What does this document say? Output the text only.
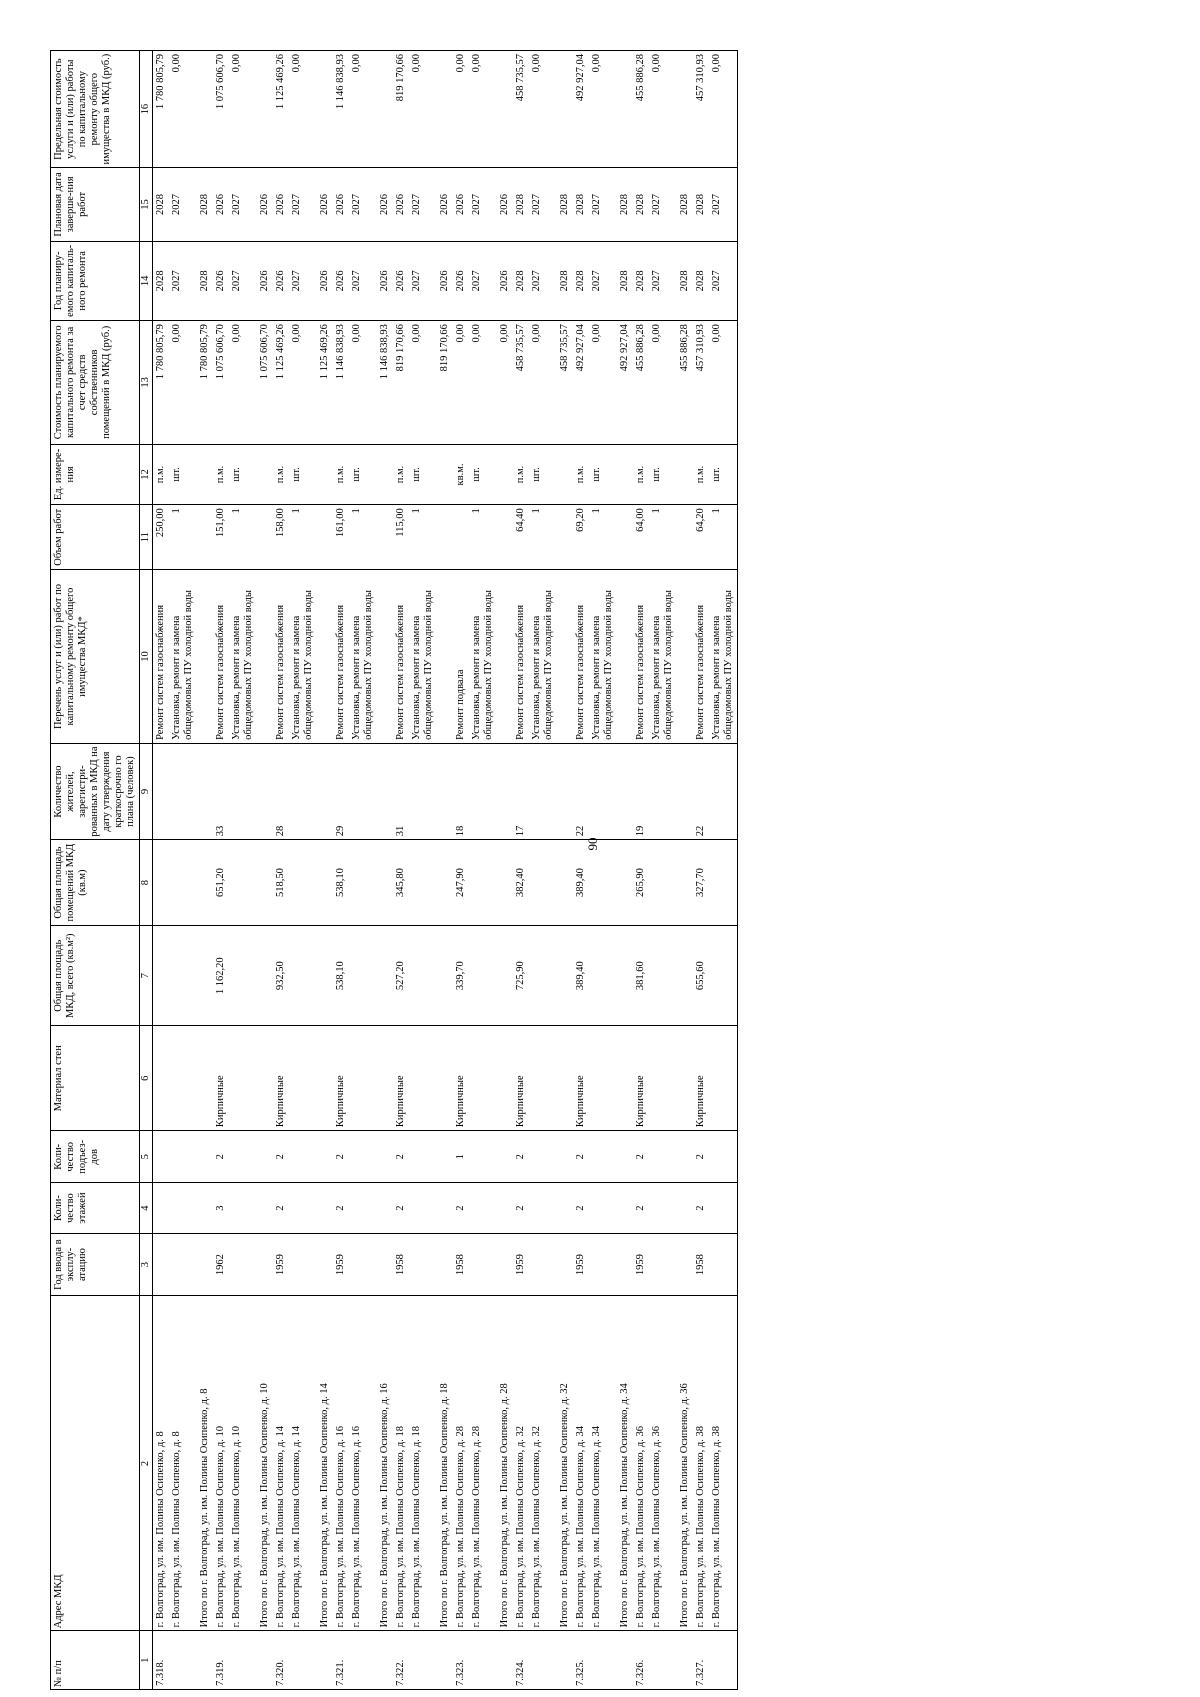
90
№ п/п	Адрес МКД	Год ввода в эксплу-атацию	Коли-чество этажей	Коли-чество подъез-дов	Материал стен	Общая площадь МКД, всего (кв.м²)	Общая площадь помещений МКД (кв.м)	Количество жителей, зарегистри-рованных в МКД на дату утверждения краткосрочно го плана (человек)	Перечень услуг и (или) работ по капитальному ремонту общего имущества МКД*	Объем работ	Ед. измере-ния	Стоимость планируемого капитального ремонта за счет средств собственников помещений в МКД (руб.)	Год планиру-емого капиталь-ного ремонта	Плановая дата заверше-ния работ	Предельная стоимость услуги и (или) работы по капитальному ремонту общего имущества в МКД (руб.)
1	2	3	4	5	6	7	8	9	10	11	12	13	14	15	16
7.318.	г. Волгоград, ул. им. Полины Осипенко, д. 8								Ремонт систем газоснабжения	250,00	п.м.	1 780 805,79	2028	2028	1 780 805,79
	г. Волгоград, ул. им. Полины Осипенко, д. 8								Установка, ремонт и замена общедомовых ПУ холодной воды	1	шт.	0,00	2027	2027	0,00
	Итого по г. Волгоград, ул. им. Полины Осипенко, д. 8											1 780 805,79	2028	2028	
7.319.	г. Волгоград, ул. им. Полины Осипенко, д. 10	1962	3	2	Кирпичные	1 162,20	651,20	33	Ремонт систем газоснабжения	151,00	п.м.	1 075 606,70	2026	2026	1 075 606,70
	г. Волгоград, ул. им. Полины Осипенко, д. 10								Установка, ремонт и замена общедомовых ПУ холодной воды	1	шт.	0,00	2027	2027	0,00
	Итого по г. Волгоград, ул. им. Полины Осипенко, д. 10											1 075 606,70	2026	2026	
7.320.	г. Волгоград, ул. им. Полины Осипенко, д. 14	1959	2	2	Кирпичные	932,50	518,50	28	Ремонт систем газоснабжения	158,00	п.м.	1 125 469,26	2026	2026	1 125 469,26
	г. Волгоград, ул. им. Полины Осипенко, д. 14								Установка, ремонт и замена общедомовых ПУ холодной воды	1	шт.	0,00	2027	2027	0,00
	Итого по г. Волгоград, ул. им. Полины Осипенко, д. 14											1 125 469,26	2026	2026	
7.321.	г. Волгоград, ул. им. Полины Осипенко, д. 16	1959	2	2	Кирпичные	538,10	538,10	29	Ремонт систем газоснабжения	161,00	п.м.	1 146 838,93	2026	2026	1 146 838,93
	г. Волгоград, ул. им. Полины Осипенко, д. 16								Установка, ремонт и замена общедомовых ПУ холодной воды	1	шт.	0,00	2027	2027	0,00
	Итого по г. Волгоград, ул. им. Полины Осипенко, д. 16											1 146 838,93	2026	2026	
7.322.	г. Волгоград, ул. им. Полины Осипенко, д. 18	1958	2	2	Кирпичные	527,20	345,80	31	Ремонт систем газоснабжения	115,00	п.м.	819 170,66	2026	2026	819 170,66
	г. Волгоград, ул. им. Полины Осипенко, д. 18								Установка, ремонт и замена общедомовых ПУ холодной воды	1	шт.	0,00	2027	2027	0,00
	Итого по г. Волгоград, ул. им. Полины Осипенко, д. 18											819 170,66	2026	2026	
7.323.	г. Волгоград, ул. им. Полины Осипенко, д. 28	1958	2	1	Кирпичные	339,70	247,90	18	Ремонт подвала		кв.м.	0,00	2026	2026	0,00
	г. Волгоград, ул. им. Полины Осипенко, д. 28								Установка, ремонт и замена общедомовых ПУ холодной воды	1	шт.	0,00	2027	2027	0,00
	Итого по г. Волгоград, ул. им. Полины Осипенко, д. 28											0,00	2026	2026	
7.324.	г. Волгоград, ул. им. Полины Осипенко, д. 32	1959	2	2	Кирпичные	725,90	382,40	17	Ремонт систем газоснабжения	64,40	п.м.	458 735,57	2028	2028	458 735,57
	г. Волгоград, ул. им. Полины Осипенко, д. 32								Установка, ремонт и замена общедомовых ПУ холодной воды	1	шт.	0,00	2027	2027	0,00
	Итого по г. Волгоград, ул. им. Полины Осипенко, д. 32											458 735,57	2028	2028	
7.325.	г. Волгоград, ул. им. Полины Осипенко, д. 34	1959	2	2	Кирпичные	389,40	389,40	22	Ремонт систем газоснабжения	69,20	п.м.	492 927,04	2028	2028	492 927,04
	г. Волгоград, ул. им. Полины Осипенко, д. 34								Установка, ремонт и замена общедомовых ПУ холодной воды	1	шт.	0,00	2027	2027	0,00
	Итого по г. Волгоград, ул. им. Полины Осипенко, д. 34											492 927,04	2028	2028	
7.326.	г. Волгоград, ул. им. Полины Осипенко, д. 36	1959	2	2	Кирпичные	381,60	265,90	19	Ремонт систем газоснабжения	64,00	п.м.	455 886,28	2028	2028	455 886,28
	г. Волгоград, ул. им. Полины Осипенко, д. 36								Установка, ремонт и замена общедомовых ПУ холодной воды	1	шт.	0,00	2027	2027	0,00
	Итого по г. Волгоград, ул. им. Полины Осипенко, д. 36											455 886,28	2028	2028	
7.327.	г. Волгоград, ул. им. Полины Осипенко, д. 38	1958	2	2	Кирпичные	655,60	327,70	22	Ремонт систем газоснабжения	64,20	п.м.	457 310,93	2028	2028	457 310,93
	г. Волгоград, ул. им. Полины Осипенко, д. 38								Установка, ремонт и замена общедомовых ПУ холодной воды	1	шт.	0,00	2027	2027	0,00
